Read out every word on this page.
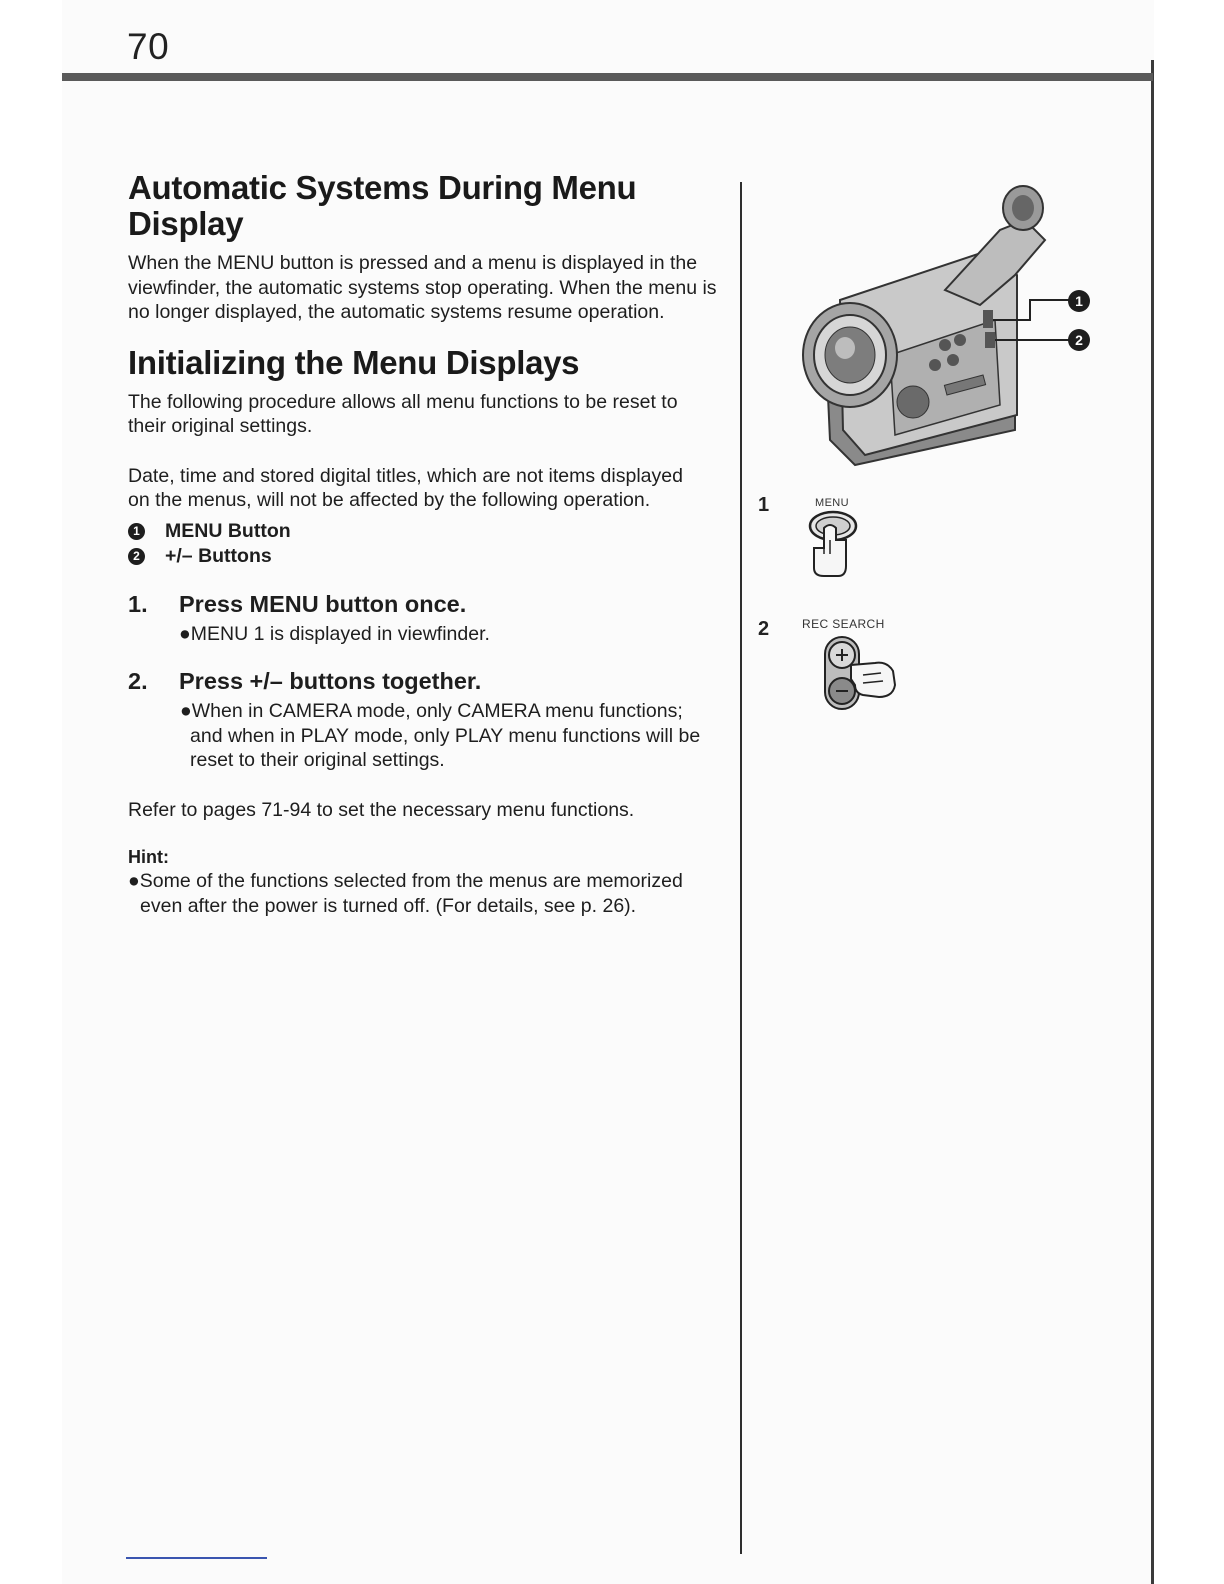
70
Automatic Systems During Menu Display

When the MENU button is pressed and a menu is displayed in the viewfinder, the automatic systems stop operating. When the menu is no longer displayed, the automatic systems resume operation.

Initializing the Menu Displays

The following procedure allows all menu functions to be reset to their original settings.

Date, time and stored digital titles, which are not items displayed on the menus, will not be affected by the following operation.

1 MENU Button
2 +/– Buttons
1.	Press MENU button once.
●MENU 1 is displayed in viewfinder.
2.	Press +/– buttons together.
●When in CAMERA mode, only CAMERA menu functions; and when in PLAY mode, only PLAY menu functions will be reset to their original settings.

Refer to pages 71-94 to set the necessary menu functions.

Hint:
●Some of the functions selected from the menus are memorized even after the power is turned off. (For details, see p. 26).
1
2
1	MENU
2	REC SEARCH
